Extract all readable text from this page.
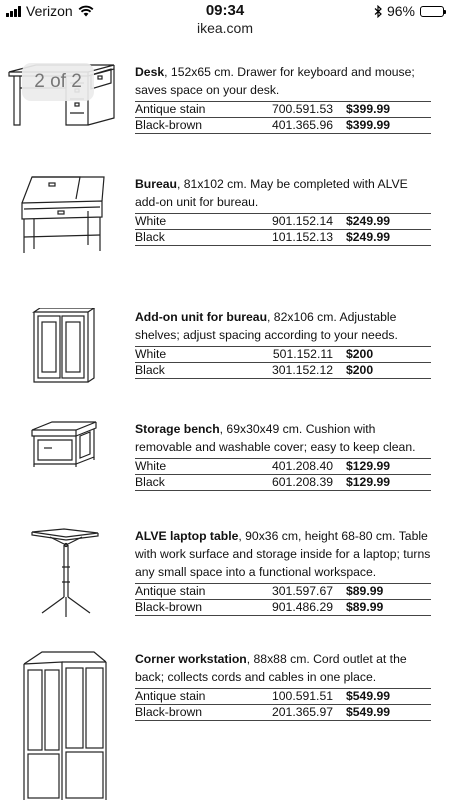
Verizon	09:34	96%
ikea.com
2 of 2	Desk, 152x65 cm. Drawer for keyboard and mouse; saves space on your desk.
Antique stain	700.591.53	$399.99
Black-brown	401.365.96	$399.99
Bureau, 81x102 cm. May be completed with ALVE add-on unit for bureau.
White	901.152.14	$249.99
Black	101.152.13	$249.99
Add-on unit for bureau, 82x106 cm. Adjustable shelves; adjust spacing according to your needs.
White	501.152.11	$200
Black	301.152.12	$200
Storage bench, 69x30x49 cm. Cushion with removable and washable cover; easy to keep clean.
White	401.208.40	$129.99
Black	601.208.39	$129.99
ALVE laptop table, 90x36 cm, height 68-80 cm. Table with work surface and storage inside for a laptop; turns any small space into a functional workspace.
Antique stain	301.597.67	$89.99
Black-brown	901.486.29	$89.99
Corner workstation, 88x88 cm. Cord outlet at the back; collects cords and cables in one place.
Antique stain	100.591.51	$549.99
Black-brown	201.365.97	$549.99
